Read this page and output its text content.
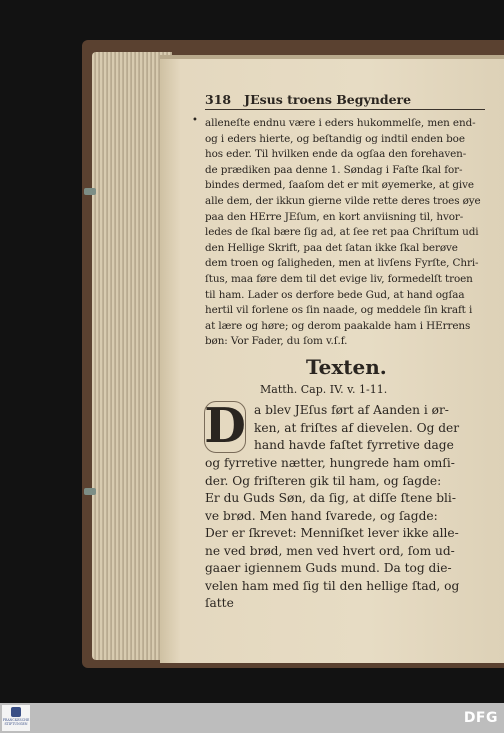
318 JEsus troens Begyndere
• alleneſte endnu være i eders hukommelſe, men end-
og i eders hierte, og beſtandig og indtil enden boe
hos eder. Til hvilken ende da ogſaa den forehaven-
de prædiken paa denne 1. Søndag i Faſte ſkal for-
bindes dermed, ſaaſom det er mit øyemerke, at give
alle dem, der ikkun gierne vilde rette deres troes øye
paa den HErre JEſum, en kort anviisning til, hvor-
ledes de ſkal bære ſig ad, at ſee ret paa Chriſtum udi
den Hellige Skrift, paa det ſatan ikke ſkal berøve
dem troen og ſaligheden, men at livſens Fyrſte, Chri-
ſtus, maa føre dem til det evige liv, formedelſt troen
til ham. Lader os derfore bede Gud, at hand ogſaa
hertil vil forlene os ſin naade, og meddele ſin kraft i
at lære og høre; og derom paakalde ham i HErrens
bøn: Vor Fader, du ſom v.ſ.f.
Texten.
Matth. Cap. IV. v. 1-11.
D a blev JEſus ført af Aanden i ør-
ken, at friſtes af dievelen. Og der
hand havde faſtet fyrretive dage
og fyrretive nætter, hungrede ham omſi-
der. Og friſteren gik til ham, og ſagde:
Er du Guds Søn, da ſig, at diſſe ſtene bli-
ve brød. Men hand ſvarede, og ſagde:
Der er ſkrevet: Menniſket lever ikke alle-
ne ved brød, men ved hvert ord, ſom ud-
gaaer igiennem Guds mund. Da tog die-
velen ham med ſig til den hellige ſtad, og
ſatte
FRANCKESCHE STIFTUNGEN	DFG
